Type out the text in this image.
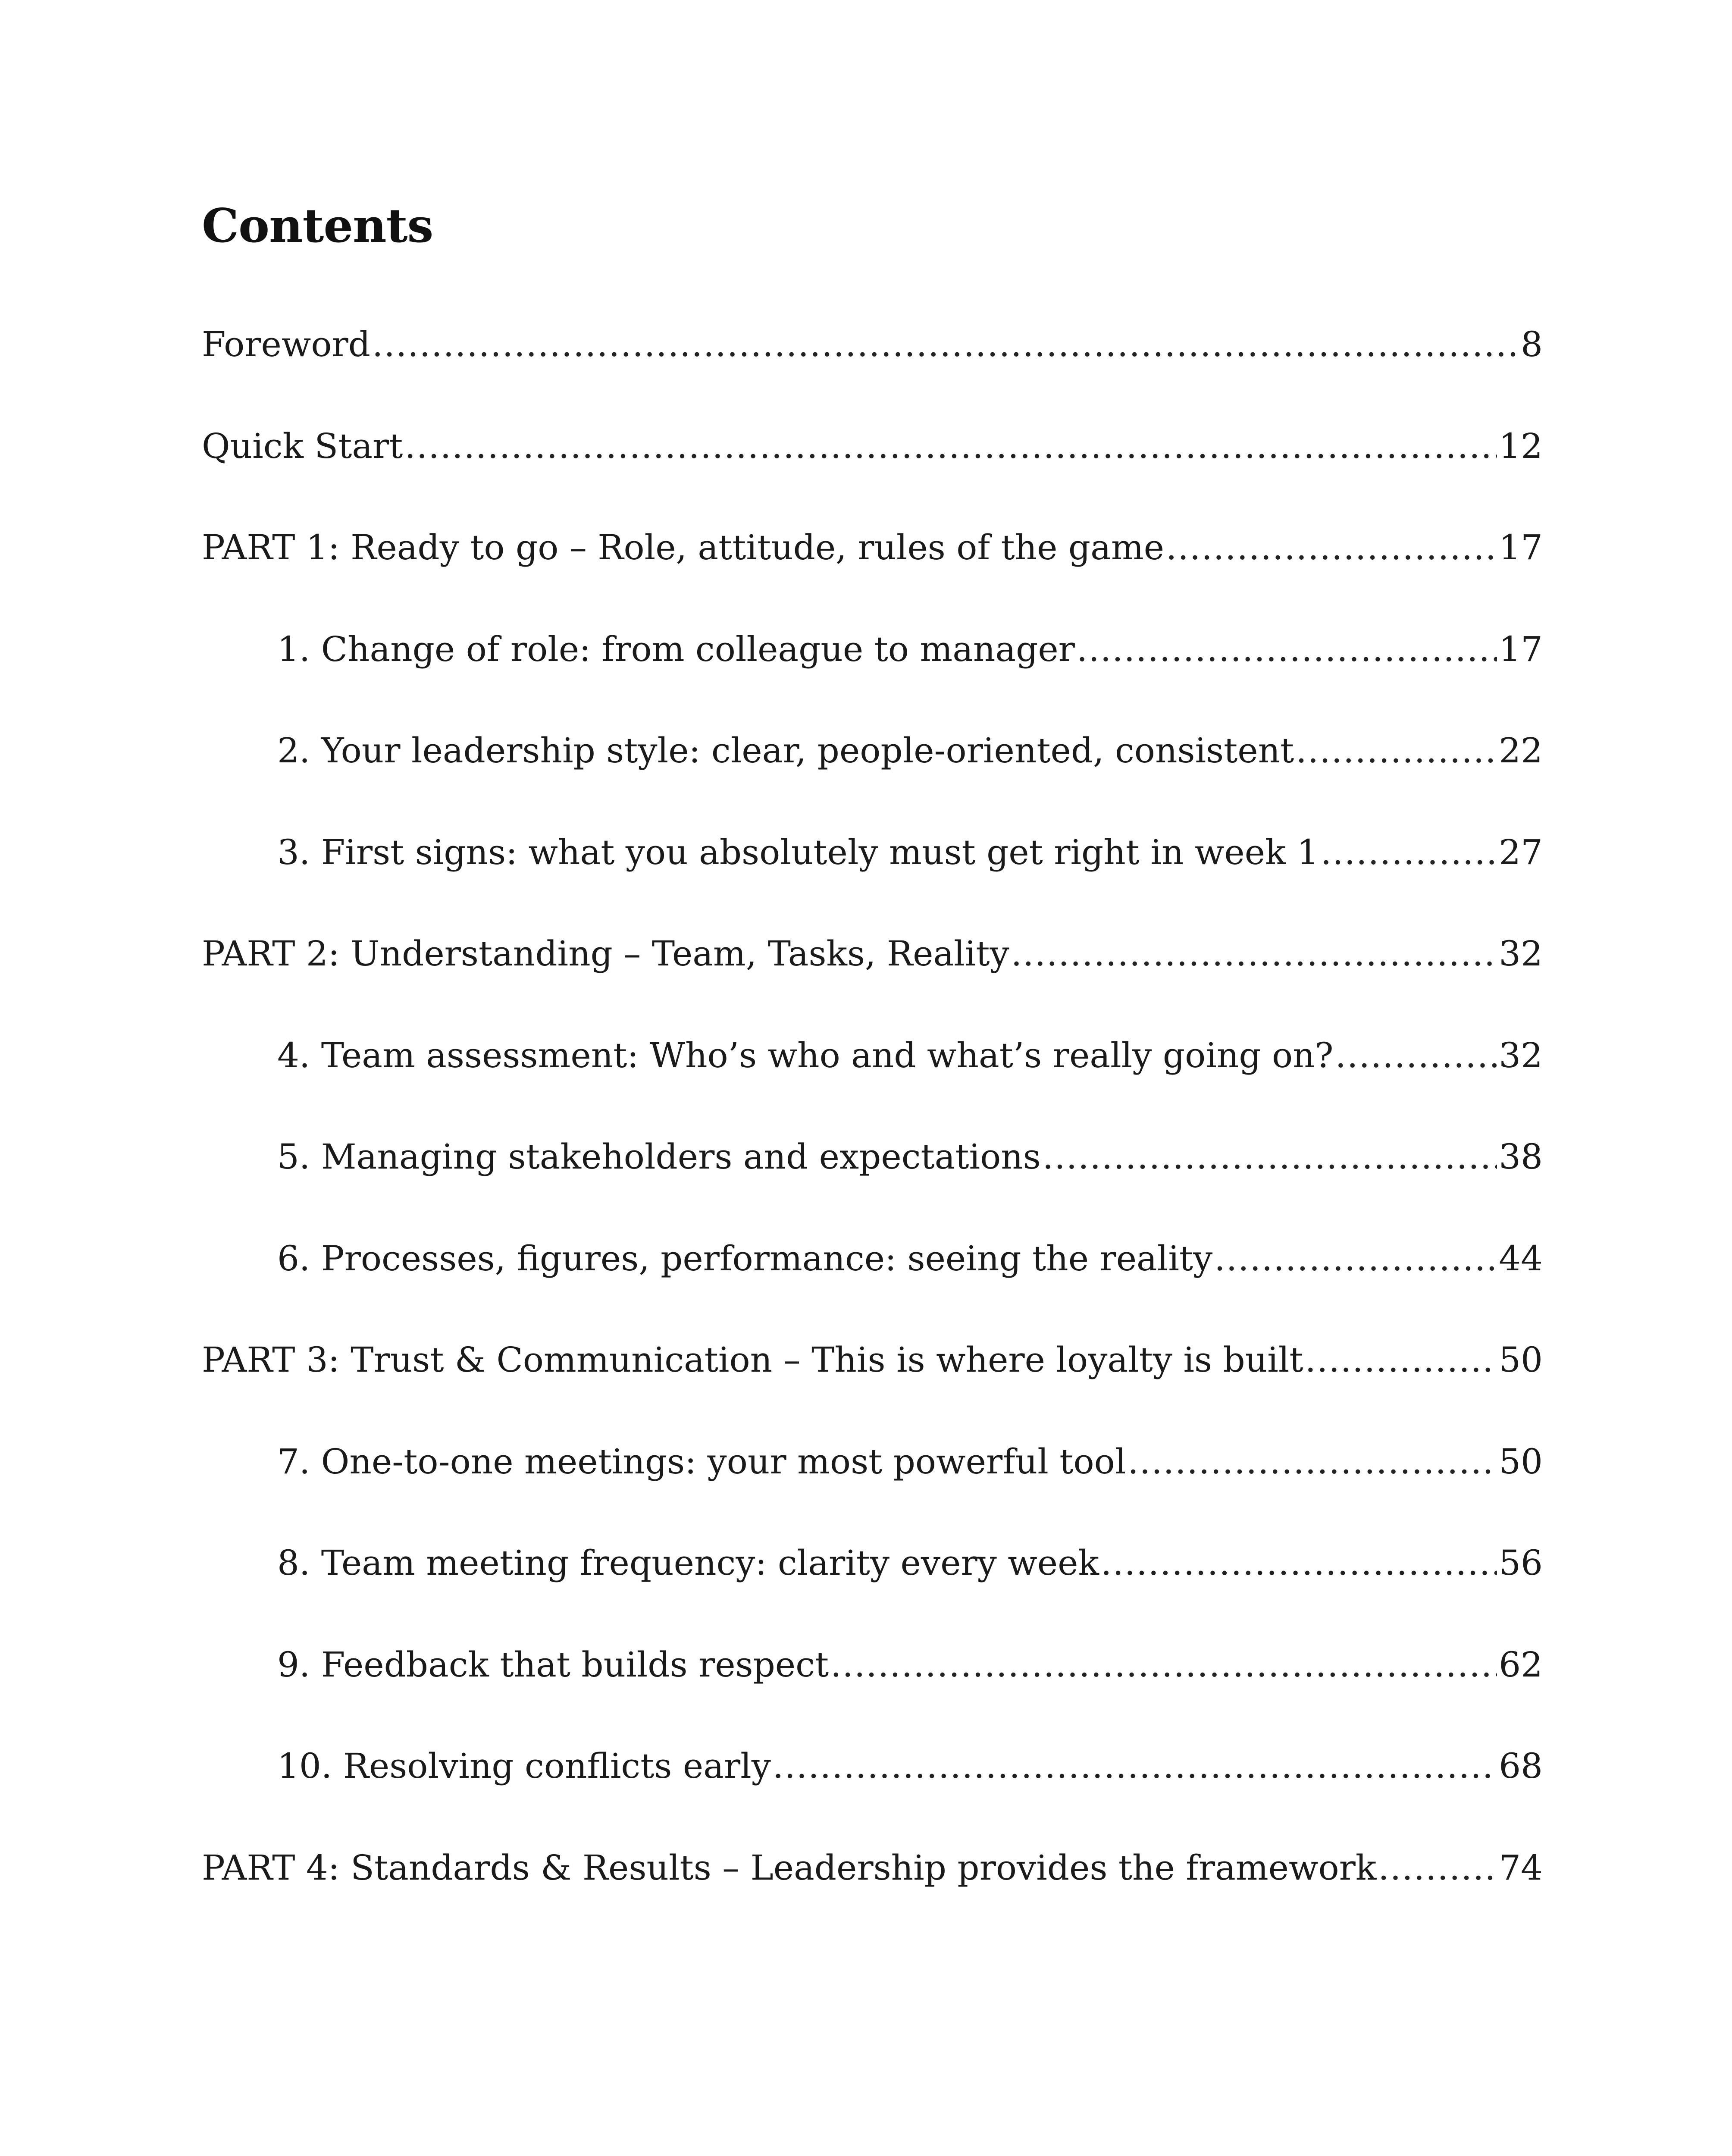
Contents
Foreword .....	8
Quick Start .....	12
PART 1: Ready to go – Role, attitude, rules of the game .....	17
1. Change of role: from colleague to manager .....	17
2. Your leadership style: clear, people-oriented, consistent .....	22
3. First signs: what you absolutely must get right in week 1 .....	27
PART 2: Understanding – Team, Tasks, Reality .....	32
4. Team assessment: Who’s who and what’s really going on? .....	32
5. Managing stakeholders and expectations .....	38
6. Processes, figures, performance: seeing the reality .....	44
PART 3: Trust & Communication – This is where loyalty is built .....	50
7. One-to-one meetings: your most powerful tool .....	50
8. Team meeting frequency: clarity every week .....	56
9. Feedback that builds respect .....	62
10. Resolving conflicts early .....	68
PART 4: Standards & Results – Leadership provides the framework .....	74
